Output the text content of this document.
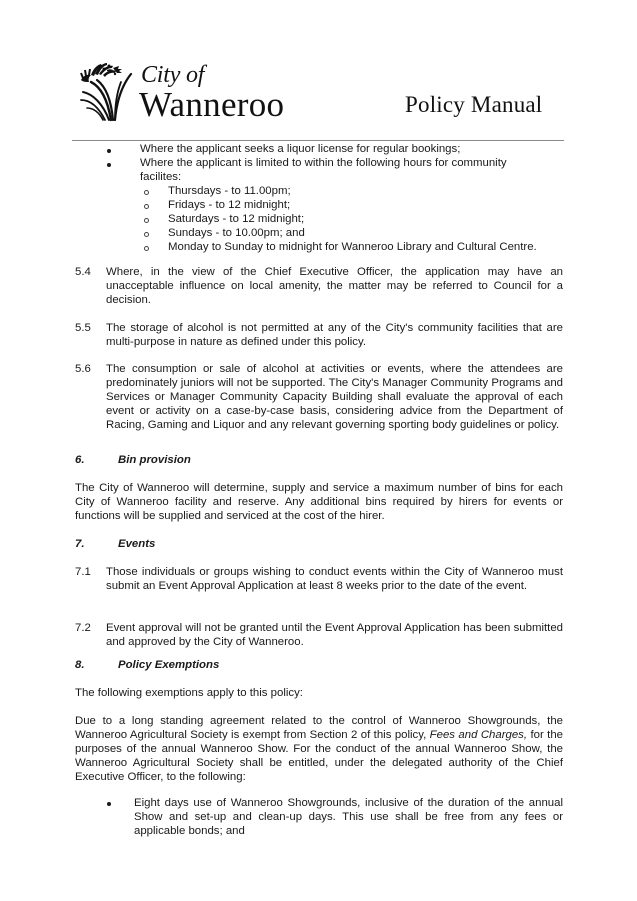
City of
Wanneroo	Policy Manual
Where the applicant seeks a liquor license for regular bookings;
Where the applicant is limited to within the following hours for community
facilites:
Thursdays - to 11.00pm;
Fridays - to 12 midnight;
Saturdays - to 12 midnight;
Sundays - to 10.00pm; and
Monday to Sunday to midnight for Wanneroo Library and Cultural Centre.
5.4 Where, in the view of the Chief Executive Officer, the application may have an unacceptable influence on local amenity, the matter may be referred to Council for a decision.
5.5 The storage of alcohol is not permitted at any of the City's community facilities that are multi-purpose in nature as defined under this policy.
5.6 The consumption or sale of alcohol at activities or events, where the attendees are predominately juniors will not be supported. The City's Manager Community Programs and Services or Manager Community Capacity Building shall evaluate the approval of each event or activity on a case-by-case basis, considering advice from the Department of Racing, Gaming and Liquor and any relevant governing sporting body guidelines or policy.
6.	Bin provision
The City of Wanneroo will determine, supply and service a maximum number of bins for each City of Wanneroo facility and reserve. Any additional bins required by hirers for events or functions will be supplied and serviced at the cost of the hirer.
7.	Events
7.1 Those individuals or groups wishing to conduct events within the City of Wanneroo must submit an Event Approval Application at least 8 weeks prior to the date of the event.
7.2 Event approval will not be granted until the Event Approval Application has been submitted and approved by the City of Wanneroo.
8.	Policy Exemptions
The following exemptions apply to this policy:
Due to a long standing agreement related to the control of Wanneroo Showgrounds, the Wanneroo Agricultural Society is exempt from Section 2 of this policy, Fees and Charges, for the purposes of the annual Wanneroo Show. For the conduct of the annual Wanneroo Show, the Wanneroo Agricultural Society shall be entitled, under the delegated authority of the Chief Executive Officer, to the following:
Eight days use of Wanneroo Showgrounds, inclusive of the duration of the annual Show and set-up and clean-up days. This use shall be free from any fees or applicable bonds; and
